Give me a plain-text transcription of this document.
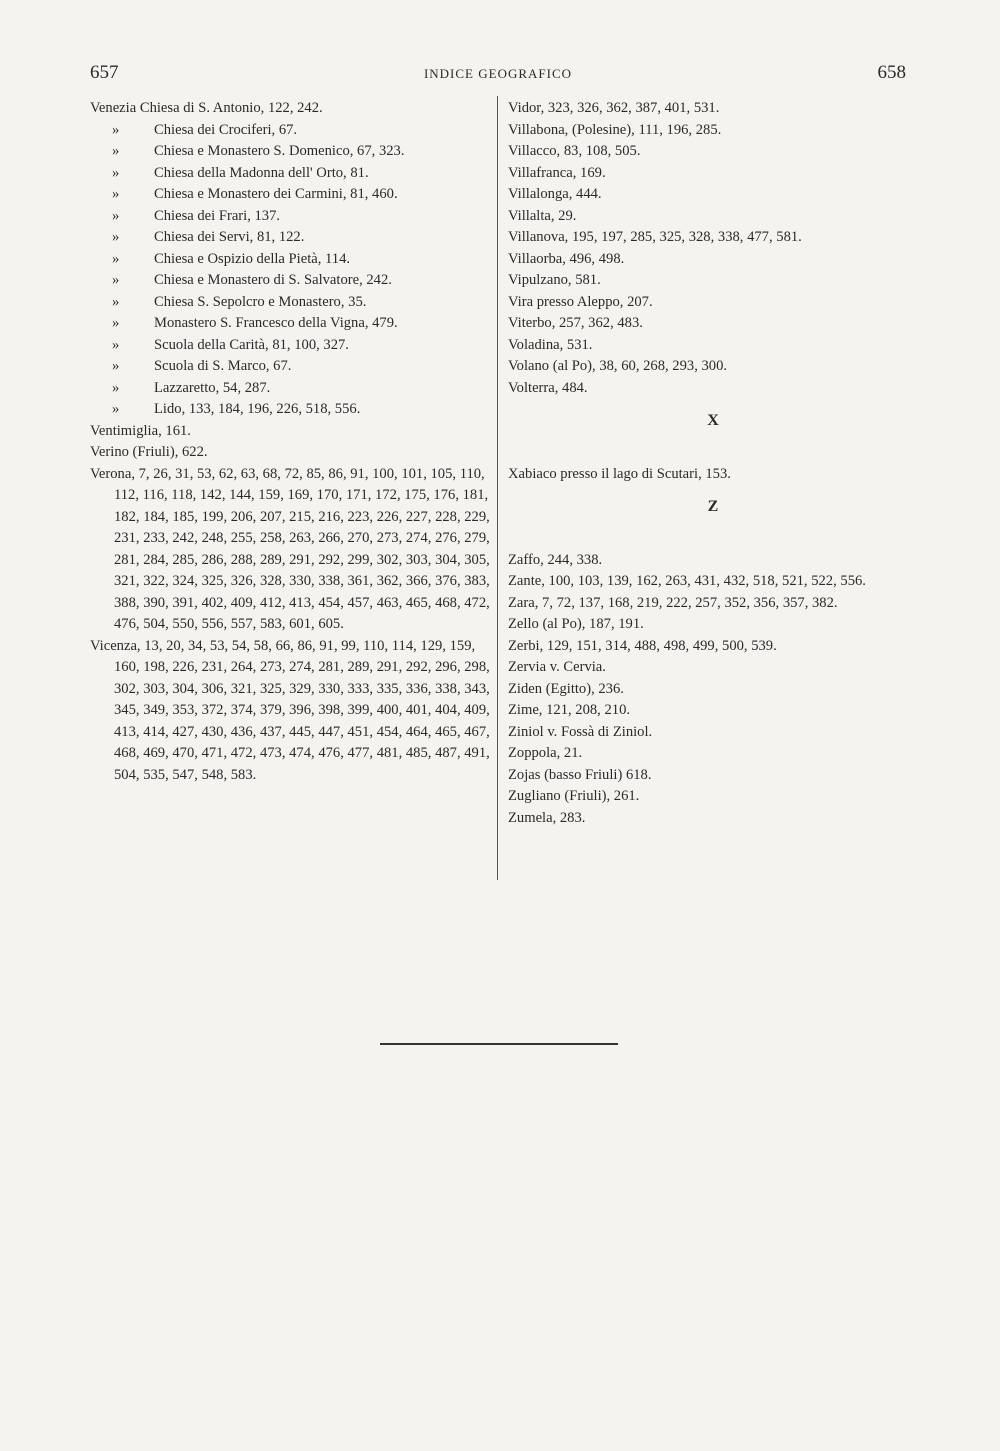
657	INDICE GEOGRAFICO	658
Venezia Chiesa di S. Antonio, 122, 242.
» Chiesa dei Crociferi, 67.
» Chiesa e Monastero S. Domenico, 67, 323.
» Chiesa della Madonna dell' Orto, 81.
» Chiesa e Monastero dei Carmini, 81, 460.
» Chiesa dei Frari, 137.
» Chiesa dei Servi, 81, 122.
» Chiesa e Ospizio della Pietà, 114.
» Chiesa e Monastero di S. Salvatore, 242.
» Chiesa S. Sepolcro e Monastero, 35.
» Monastero S. Francesco della Vigna, 479.
» Scuola della Carità, 81, 100, 327.
» Scuola di S. Marco, 67.
» Lazzaretto, 54, 287.
» Lido, 133, 184, 196, 226, 518, 556.
Ventimiglia, 161.
Verino (Friuli), 622.
Verona, 7, 26, 31, 53, 62, 63, 68, 72, 85, 86, 91, 100, 101, 105, 110, 112, 116, 118, 142, 144, 159, 169, 170, 171, 172, 175, 176, 181, 182, 184, 185, 199, 206, 207, 215, 216, 223, 226, 227, 228, 229, 231, 233, 242, 248, 255, 258, 263, 266, 270, 273, 274, 276, 279, 281, 284, 285, 286, 288, 289, 291, 292, 299, 302, 303, 304, 305, 321, 322, 324, 325, 326, 328, 330, 338, 361, 362, 366, 376, 383, 388, 390, 391, 402, 409, 412, 413, 454, 457, 463, 465, 468, 472, 476, 504, 550, 556, 557, 583, 601, 605.
Vicenza, 13, 20, 34, 53, 54, 58, 66, 86, 91, 99, 110, 114, 129, 159, 160, 198, 226, 231, 264, 273, 274, 281, 289, 291, 292, 296, 298, 302, 303, 304, 306, 321, 325, 329, 330, 333, 335, 336, 338, 343, 345, 349, 353, 372, 374, 379, 396, 398, 399, 400, 401, 404, 409, 413, 414, 427, 430, 436, 437, 445, 447, 451, 454, 464, 465, 467, 468, 469, 470, 471, 472, 473, 474, 476, 477, 481, 485, 487, 491, 504, 535, 547, 548, 583.
Vidor, 323, 326, 362, 387, 401, 531.
Villabona, (Polesine), 111, 196, 285.
Villacco, 83, 108, 505.
Villafranca, 169.
Villalonga, 444.
Villalta, 29.
Villanova, 195, 197, 285, 325, 328, 338, 477, 581.
Villaorba, 496, 498.
Vipulzano, 581.
Vira presso Aleppo, 207.
Viterbo, 257, 362, 483.
Voladina, 531.
Volano (al Po), 38, 60, 268, 293, 300.
Volterra, 484.
X
Xabiaco presso il lago di Scutari, 153.
Z
Zaffo, 244, 338.
Zante, 100, 103, 139, 162, 263, 431, 432, 518, 521, 522, 556.
Zara, 7, 72, 137, 168, 219, 222, 257, 352, 356, 357, 382.
Zello (al Po), 187, 191.
Zerbi, 129, 151, 314, 488, 498, 499, 500, 539.
Zervia v. Cervia.
Ziden (Egitto), 236.
Zime, 121, 208, 210.
Ziniol v. Fossà di Ziniol.
Zoppola, 21.
Zojas (basso Friuli) 618.
Zugliano (Friuli), 261.
Zumela, 283.
